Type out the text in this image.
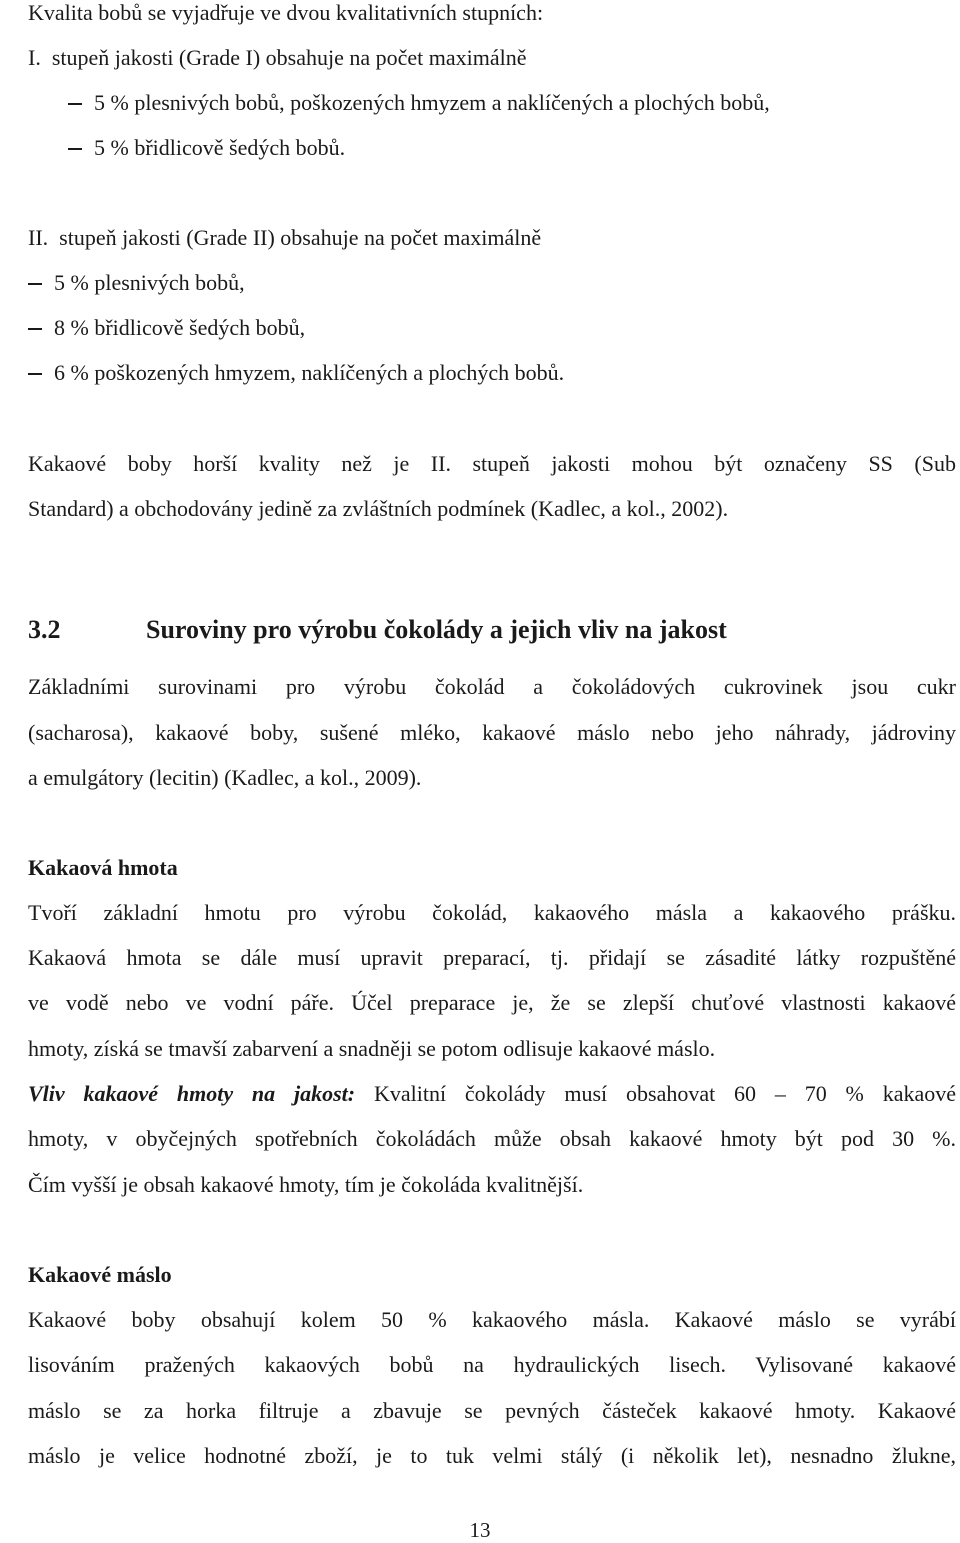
Kvalita bobů se vyjadřuje ve dvou kvalitativních stupních:
I.  stupeň jakosti (Grade I) obsahuje na počet maximálně
5 % plesnivých bobů, poškozených hmyzem a naklíčených a plochých bobů,
5 % břidlicově šedých bobů.
II.  stupeň jakosti (Grade II) obsahuje na počet maximálně
5 % plesnivých bobů,
8 % břidlicově šedých bobů,
6 % poškozených hmyzem, naklíčených a plochých bobů.
Kakaové boby horší kvality než je II. stupeň jakosti mohou být označeny SS (Sub
Standard) a obchodovány jedině za zvláštních podmínek (Kadlec, a kol., 2002).
3.2	Suroviny pro výrobu čokolády a jejich vliv na jakost
Základními surovinami pro výrobu čokolád a čokoládových cukrovinek jsou cukr
(sacharosa), kakaové boby, sušené mléko, kakaové máslo nebo jeho náhrady, jádroviny
a emulgátory (lecitin) (Kadlec, a kol., 2009).
Kakaová hmota
Tvoří základní hmotu pro výrobu čokolád, kakaového másla a kakaového prášku.
Kakaová hmota se dále musí upravit preparací, tj. přidají se zásadité látky rozpuštěné
ve vodě nebo ve vodní páře. Účel preparace je, že se zlepší chuťové vlastnosti kakaové
hmoty, získá se tmavší zabarvení a snadněji se potom odlisuje kakaové máslo.
Vliv kakaové hmoty na jakost: Kvalitní čokolády musí obsahovat 60 – 70 % kakaové
hmoty, v obyčejných spotřebních čokoládách může obsah kakaové hmoty být pod 30 %.
Čím vyšší je obsah kakaové hmoty, tím je čokoláda kvalitnější.
Kakaové máslo
Kakaové boby obsahují kolem 50 % kakaového másla. Kakaové máslo se vyrábí
lisováním pražených kakaových bobů na hydraulických lisech. Vylisované kakaové
máslo se za horka filtruje a zbavuje se pevných částeček kakaové hmoty. Kakaové
máslo je velice hodnotné zboží, je to tuk velmi stálý (i několik let), nesnadno žlukne,
13
